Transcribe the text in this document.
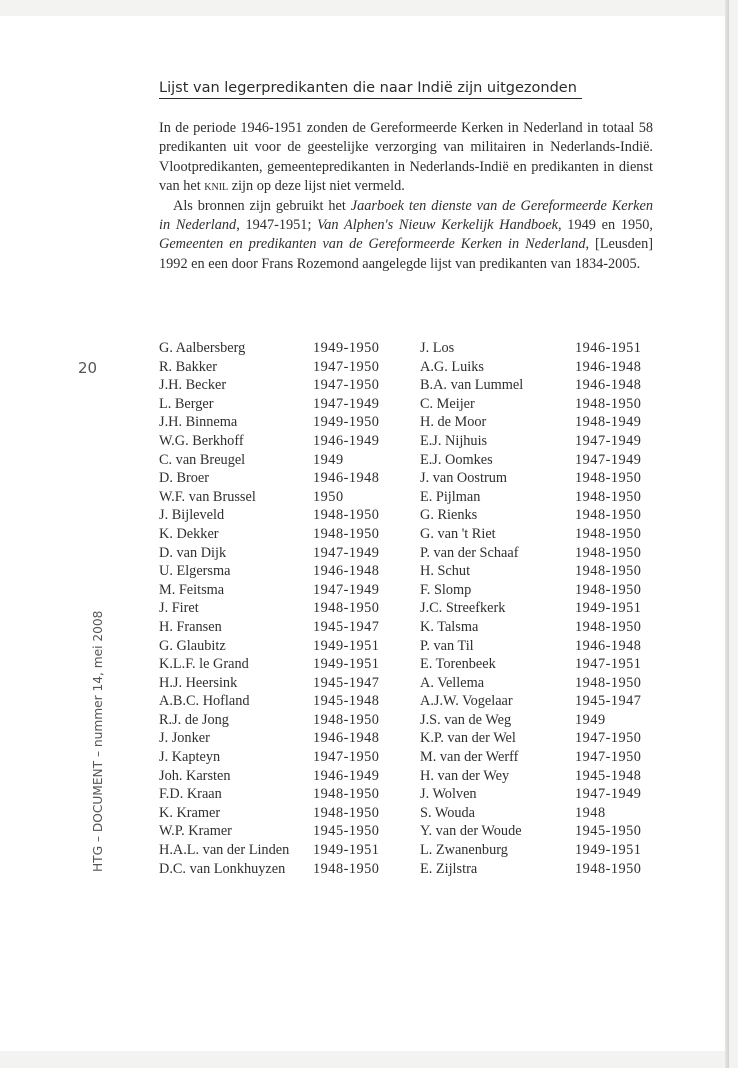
Lijst van legerpredikanten die naar Indië zijn uitgezonden

In de periode 1946-1951 zonden de Gereformeerde Kerken in Nederland in totaal 58 predikanten uit voor de geestelijke verzorging van militairen in Nederlands-Indië. Vlootpredikanten, gemeentepredikanten in Nederlands-Indië en predikanten in dienst van het knil zijn op deze lijst niet vermeld.

Als bronnen zijn gebruikt het Jaarboek ten dienste van de Gereformeerde Kerken in Nederland, 1947-1951; Van Alphen's Nieuw Kerkelijk Handboek, 1949 en 1950, Gemeenten en predikanten van de Gereformeerde Kerken in Nederland, [Leusden] 1992 en een door Frans Rozemond aangelegde lijst van predikanten van 1834-2005.

20
HTG – DOCUMENT – nummer 14, mei 2008
G. Aalbersberg	1949-1950
R. Bakker	1947-1950
J.H. Becker	1947-1950
L. Berger	1947-1949
J.H. Binnema	1949-1950
W.G. Berkhoff	1946-1949
C. van Breugel	1949
D. Broer	1946-1948
W.F. van Brussel	1950
J. Bijleveld	1948-1950
K. Dekker	1948-1950
D. van Dijk	1947-1949
U. Elgersma	1946-1948
M. Feitsma	1947-1949
J. Firet	1948-1950
H. Fransen	1945-1947
G. Glaubitz	1949-1951
K.L.F. le Grand	1949-1951
H.J. Heersink	1945-1947
A.B.C. Hofland	1945-1948
R.J. de Jong	1948-1950
J. Jonker	1946-1948
J. Kapteyn	1947-1950
Joh. Karsten	1946-1949
F.D. Kraan	1948-1950
K. Kramer	1948-1950
W.P. Kramer	1945-1950
H.A.L. van der Linden 1949-1951
D.C. van Lonkhuyzen 1948-1950
J. Los	1946-1951
A.G. Luiks	1946-1948
B.A. van Lummel	1946-1948
C. Meijer	1948-1950
H. de Moor	1948-1949
E.J. Nijhuis	1947-1949
E.J. Oomkes	1947-1949
J. van Oostrum	1948-1950
E. Pijlman	1948-1950
G. Rienks	1948-1950
G. van 't Riet	1948-1950
P. van der Schaaf	1948-1950
H. Schut	1948-1950
F. Slomp	1948-1950
J.C. Streefkerk	1949-1951
K. Talsma	1948-1950
P. van Til	1946-1948
E. Torenbeek	1947-1951
A. Vellema	1948-1950
A.J.W. Vogelaar	1945-1947
J.S. van de Weg	1949
K.P. van der Wel	1947-1950
M. van der Werff	1947-1950
H. van der Wey	1945-1948
J. Wolven	1947-1949
S. Wouda	1948
Y. van der Woude	1945-1950
L. Zwanenburg	1949-1951
E. Zijlstra	1948-1950
